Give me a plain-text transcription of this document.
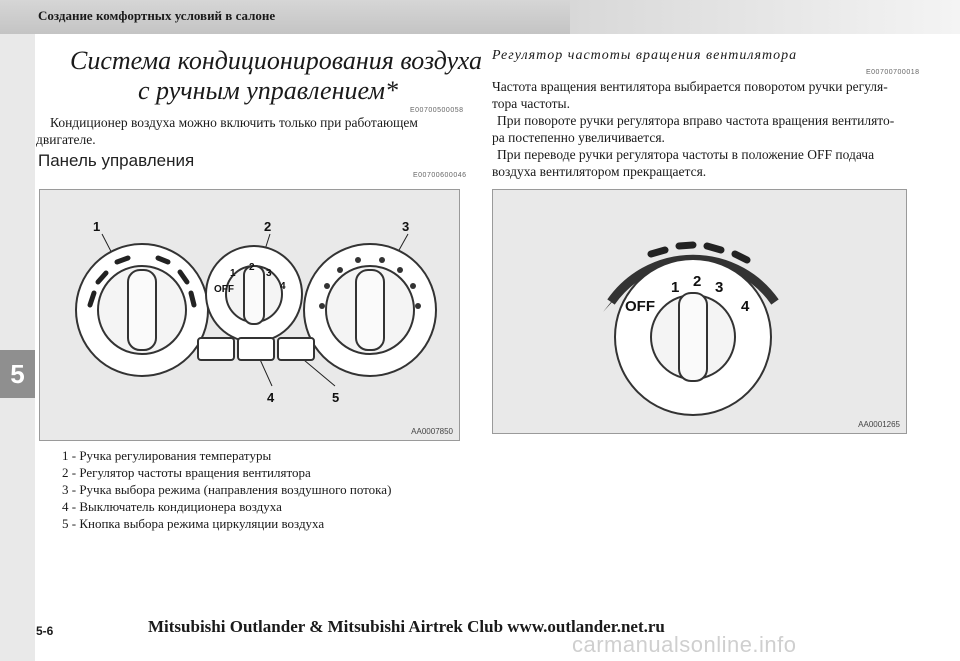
Создание комфортных условий в салоне
5
Система кондиционирования воздуха
с ручным управлением*
E00700500058
Кондиционер воздуха можно включить только при работающем
двигателе.
Панель управления
E00700600046
OFF
1
2
3
4
1	2	3
4	5
AA0007850
1 - Ручка регулирования температуры
2 - Регулятор частоты вращения вентилятора
3 - Ручка выбора режима (направления воздушного потока)
4 - Выключатель кондиционера воздуха
5 - Кнопка выбора режима циркуляции воздуха
Регулятор частоты вращения вентилятора
E00700700018
Частота вращения вентилятора выбирается поворотом ручки регуля-
тора частоты.
При повороте ручки регулятора вправо частота вращения вентилято-
ра постепенно увеличивается.
При переводе ручки регулятора частоты в положение OFF подача
воздуха вентилятором прекращается.
OFF
1 2 3
4
AA0001265
5-6	Mitsubishi Outlander & Mitsubishi Airtrek Club www.outlander.net.ru
carmanualsonline.info
